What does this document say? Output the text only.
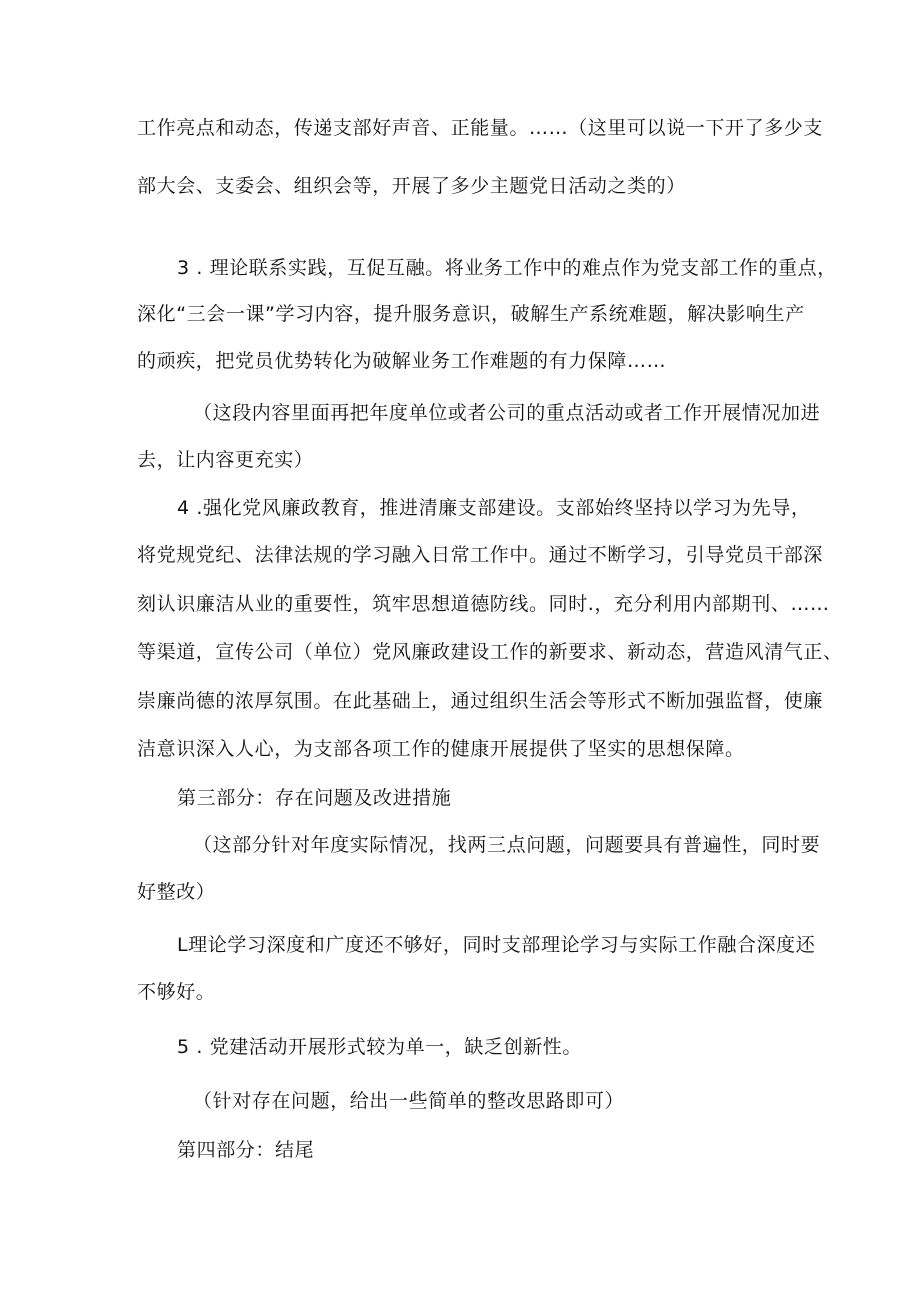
工作亮点和动态，传递支部好声音、正能量。……（这里可以说一下开了多少支
部大会、支委会、组织会等，开展了多少主题党日活动之类的）
3 . 理论联系实践，互促互融。将业务工作中的难点作为党支部工作的重点，
深化“三会一课”学习内容，提升服务意识，破解生产系统难题，解决影响生产
的顽疾，把党员优势转化为破解业务工作难题的有力保障……
（这段内容里面再把年度单位或者公司的重点活动或者工作开展情况加进
去，让内容更充实）
4 .强化党风廉政教育，推进清廉支部建设。支部始终坚持以学习为先导，
将党规党纪、法律法规的学习融入日常工作中。通过不断学习，引导党员干部深
刻认识廉洁从业的重要性，筑牢思想道德防线。同时.，充分利用内部期刊、……
等渠道，宣传公司（单位）党风廉政建设工作的新要求、新动态，营造风清气正、
崇廉尚德的浓厚氛围。在此基础上，通过组织生活会等形式不断加强监督，使廉
洁意识深入人心，为支部各项工作的健康开展提供了坚实的思想保障。
第三部分：存在问题及改进措施
（这部分针对年度实际情况，找两三点问题，问题要具有普遍性，同时要
好整改）
L理论学习深度和广度还不够好，同时支部理论学习与实际工作融合深度还
不够好。
5 . 党建活动开展形式较为单一，缺乏创新性。
（针对存在问题，给出一些简单的整改思路即可）
第四部分：结尾
